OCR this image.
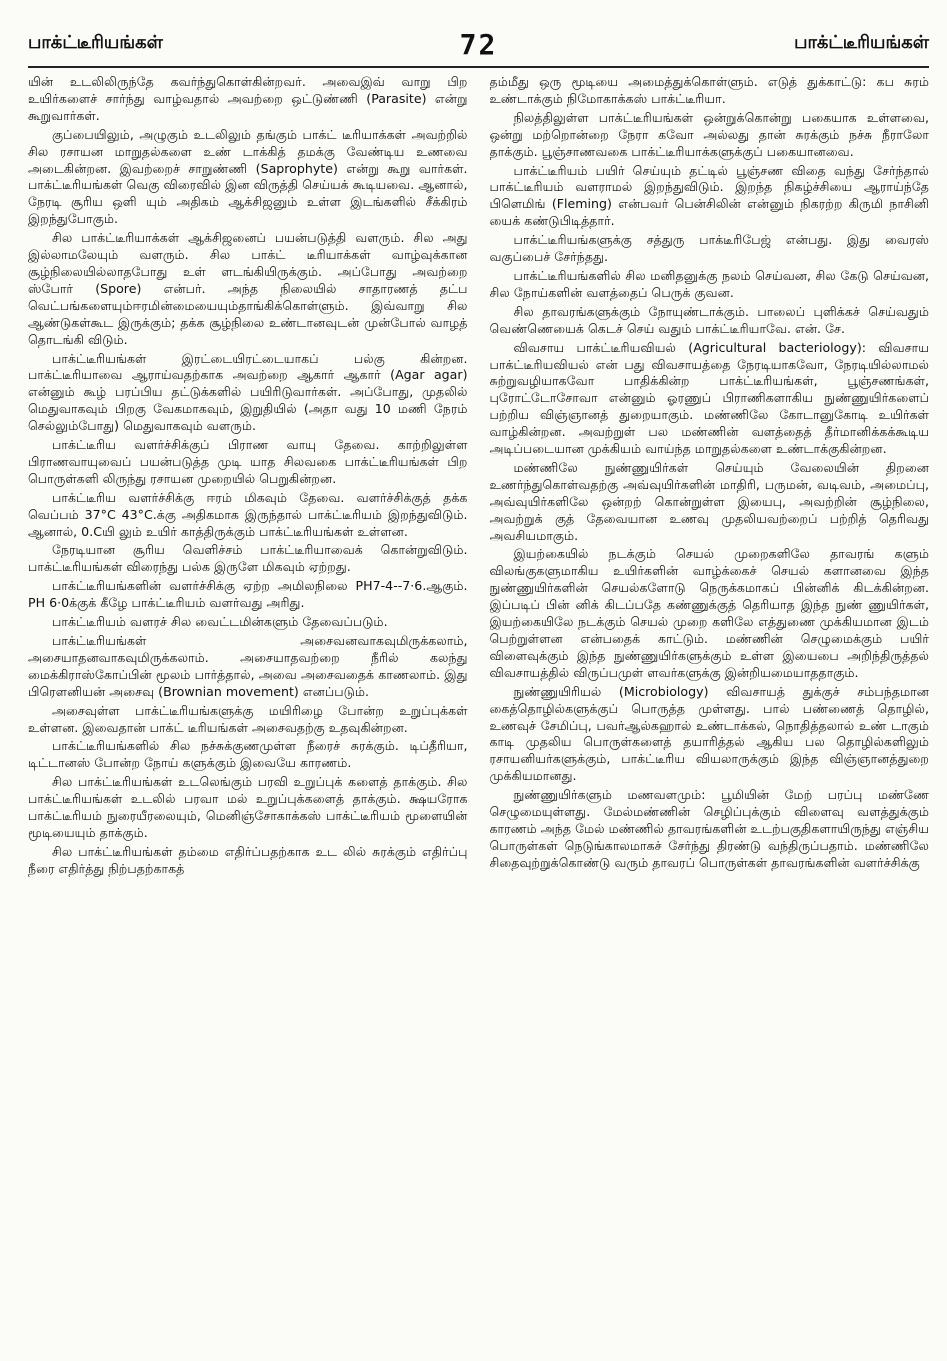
பாக்ட்டீரியங்கள்	72	பாக்ட்டீரியங்கள்

யின் உடலிலிருந்தே கவர்ந்துகொள்கின்றவர். அவைஇவ் வாறு பிற உயிர்களைச் சார்ந்து வாழ்வதால் அவற்றை ஒட்டுண்ணி (Parasite) என்று கூறுவார்கள்.

குப்பையிலும், அழுகும் உடலிலும் தங்கும் பாக்ட் டீரியாக்கள் அவற்றில் சில ரசாயன மாறுதல்களை உண் டாக்கித் தமக்கு வேண்டிய உணவை அடைகின்றன. இவற்றைச் சாறுண்ணி (Saprophyte) என்று கூறு வார்கள். பாக்ட்டீரியங்கள் வெகு விரைவில் இன விருத்தி செய்யக் கூடியவை. ஆனால், நேரடி சூரிய ஒளி யும் அதிகம் ஆக்சிஜனும் உள்ள இடங்களில் சீக்கிரம் இறந்துபோகும்.

சில பாக்ட்டீரியாக்கள் ஆக்சிஜனைப் பயன்படுத்தி வளரும். சில அது இல்லாமலேயும் வளரும். சில பாக்ட் டீரியாக்கள் வாழ்வுக்கான சூழ்நிலையில்லாதபோது உள் ளடங்கியிருக்கும். அப்போது அவற்றை ஸ்போர் (Spore) என்பர். அந்த நிலையில் சாதாரணத் தட்ப வெட்பங்களையும்ஈரமின்மையையும்தாங்கிக்கொள்ளும். இவ்வாறு சில ஆண்டுகள்கூட இருக்கும்; தக்க சூழ்நிலை உண்டானவுடன் முன்போல் வாழத் தொடங்கி விடும்.

பாக்ட்டீரியங்கள் இரட்டையிரட்டையாகப் பல்கு கின்றன. பாக்ட்டீரியாவை ஆராய்வதற்காக அவற்றை ஆகார் ஆகார் (Agar agar) என்னும் கூழ் பரப்பிய தட்டுக்களில் பயிரிடுவார்கள். அப்போது, முதலில் மெதுவாகவும் பிறகு வேகமாகவும், இறுதியில் (அதா வது 10 மணி நேரம் செல்லும்போது) மெதுவாகவும் வளரும்.

பாக்ட்டீரிய வளர்ச்சிக்குப் பிராண வாயு தேவை. காற்றிலுள்ள பிராணவாயுவைப் பயன்படுத்த முடி யாத சிலவகை பாக்ட்டீரியங்கள் பிற பொருள்களி லிருந்து ரசாயன முறையில் பெறுகின்றன.

பாக்ட்டீரிய வளர்ச்சிக்கு ஈரம் மிகவும் தேவை. வளர்ச்சிக்குத் தக்க வெப்பம் 37°C 43°C.க்கு அதிகமாக இருந்தால் பாக்ட்டீரியம் இறந்துவிடும். ஆனால், 0.Cயி லும் உயிர் காத்திருக்கும் பாக்ட்டீரியங்கள் உள்ளன.

நேரடியான சூரிய வெளிச்சம் பாக்ட்டீரியாவைக் கொன்றுவிடும். பாக்ட்டீரியங்கள் விரைந்து பல்க இருளே மிகவும் ஏற்றது.

பாக்ட்டீரியங்களின் வளர்ச்சிக்கு ஏற்ற அமிலநிலை PH7-4--7·6.ஆகும். PH 6·0க்குக் கீழே பாக்ட்டீரியம் வளர்வது அரிது.

பாக்ட்டீரியம் வளரச் சில வைட்டமின்களும் தேவைப்படும்.

பாக்ட்டீரியங்கள் அசைவனவாகவுமிருக்கலாம், அசையாதனவாகவுமிருக்கலாம். அசையாதவற்றை நீரில் கலந்து மைக்கிராஸ்கோப்பின் மூலம் பார்த்தால், அவை அசைவதைக் காணலாம். இது பிரௌனியன் அசைவு (Brownian movement) எனப்படும்.

அசைவுள்ள பாக்ட்டீரியங்களுக்கு மயிரிழை போன்ற உறுப்புக்கள் உள்ளன. இவைதான் பாக்ட் டீரியங்கள் அசைவதற்கு உதவுகின்றன.

பாக்ட்டீரியங்களில் சில நச்சுக்குணமுள்ள நீரைச் சுரக்கும். டிப்தீரியா, டிட்டானஸ் போன்ற நோய் களுக்கும் இவையே காரணம்.

சில பாக்ட்டீரியங்கள் உடலெங்கும் பரவி உறுப்புக் களைத் தாக்கும். சில பாக்ட்டீரியங்கள் உடலில் பரவா மல் உறுப்புக்களைத் தாக்கும். க்ஷயரோக பாக்ட்டீரியம் நுரையீரலையும், மெனிஞ்சோகாக்கஸ் பாக்ட்டீரியம் மூளையின் மூடியையும் தாக்கும்.

சில பாக்ட்டீரியங்கள் தம்மை எதிர்ப்பதற்காக உட லில் சுரக்கும் எதிர்ப்பு நீரை எதிர்த்து நிற்பதற்காகத்

தம்மீது ஒரு மூடியை அமைத்துக்கொள்ளும். எடுத் துக்காட்டு: கப சுரம் உண்டாக்கும் நிமோகாக்கஸ் பாக்ட்டீரியா.

நிலத்திலுள்ள பாக்ட்டீரியங்கள் ஒன்றுக்கொன்று பகையாக உள்ளவை, ஒன்று மற்றொன்றை நேரா கவோ அல்லது தான் சுரக்கும் நச்சு நீராலோ தாக்கும். பூஞ்சாணவகை பாக்ட்டீரியாக்களுக்குப் பகையானவை.

பாக்ட்டீரியம் பயிர் செய்யும் தட்டில் பூஞ்சண விதை வந்து சேர்ந்தால் பாக்ட்டீரியம் வளராமல் இறந்துவிடும். இறந்த நிகழ்ச்சியை ஆராய்ந்தே பிளெமிங் (Fleming) என்பவர் பென்சிலின் என்னும் நிகரற்ற கிருமி நாசினி யைக் கண்டுபிடித்தார்.

பாக்ட்டீரியங்களுக்கு சத்துரு பாக்டீரிபேஜ் என்பது. இது வைரஸ் வகுப்பைச் சேர்ந்தது.

பாக்ட்டீரியங்களில் சில மனிதனுக்கு நலம் செய்வன, சில கேடு செய்வன, சில நோய்களின் வளத்தைப் பெருக் குவன.

சில தாவரங்களுக்கும் நோயுண்டாக்கும். பாலைப் புளிக்கச் செய்வதும் வெண்ணெயைக் கெடச் செய் வதும் பாக்ட்டீரியாவே. என். சே.

விவசாய பாக்ட்டீரியவியல் (Agricultural bacteriology): விவசாய பாக்ட்டீரியவியல் என் பது விவசாயத்தை நேரடியாகவோ, நேரடியில்லாமல் சுற்றுவழியாகவோ பாதிக்கின்ற பாக்ட்டீரியங்கள், பூஞ்சணங்கள், புரோட்டோசோவா என்னும் ஓரணுப் பிராணிகளாகிய நுண்ணுயிர்களைப் பற்றிய விஞ்ஞானத் துறையாகும். மண்ணிலே கோடானுகோடி உயிர்கள் வாழ்கின்றன. அவற்றுள் பல மண்ணின் வளத்தைத் தீர்மானிக்கக்கூடிய அடிப்படையான முக்கியம் வாய்ந்த மாறுதல்களை உண்டாக்குகின்றன.

மண்ணிலே நுண்ணுயிர்கள் செய்யும் வேலையின் திறனை உணர்ந்துகொள்வதற்கு அவ்வுயிர்களின் மாதிரி, பருமன், வடிவம், அமைப்பு, அவ்வுயிர்களிலே ஒன்றற் கொன்றுள்ள இயைபு, அவற்றின் சூழ்நிலை, அவற்றுக் குத் தேவையான உணவு முதலியவற்றைப் பற்றித் தெரிவது அவசியமாகும்.

இயற்கையில் நடக்கும் செயல் முறைகளிலே தாவரங் களும் விலங்குகளுமாகிய உயிர்களின் வாழ்க்கைச் செயல் களானவை இந்த நுண்ணுயிர்களின் செயல்களோடு நெருக்கமாகப் பின்னிக் கிடக்கின்றன. இப்படிப் பின் னிக் கிடப்பதே கண்ணுக்குத் தெரியாத இந்த நுண் ணுயிர்கள், இயற்கையிலே நடக்கும் செயல் முறை களிலே எத்துணை முக்கியமான இடம் பெற்றுள்ளன என்பதைக் காட்டும். மண்ணின் செழுமைக்கும் பயிர் விளைவுக்கும் இந்த நுண்ணுயிர்களுக்கும் உள்ள இயைபை அறிந்திருத்தல் விவசாயத்தில் விருப்பமுள் ளவர்களுக்கு இன்றியமையாததாகும்.

நுண்ணுயிரியல் (Microbiology) விவசாயத் துக்குச் சம்பந்தமான கைத்தொழில்களுக்குப் பொருத்த முள்ளது. பால் பண்ணைத் தொழில், உணவுச் சேமிப்பு, பவர்ஆல்கஹால் உண்டாக்கல், நொதித்தலால் உண் டாகும் காடி முதலிய பொருள்களைத் தயாரித்தல் ஆகிய பல தொழில்களிலும் ரசாயனியர்களுக்கும், பாக்ட்டீரிய வியலாருக்கும் இந்த விஞ்ஞானத்துறை முக்கியமானது.

நுண்ணுயிர்களும் மணவளமும்: பூமியின் மேற் பரப்பு மண்ணே செழுமையுள்ளது. மேல்மண்ணின் செழிப்புக்கும் விளைவு வளத்துக்கும் காரணம் அந்த மேல் மண்ணில் தாவரங்களின் உடற்பகுதிகளாயிருந்து எஞ்சிய பொருள்கள் நெடுங்காலமாகச் சேர்ந்து திரண்டு வந்திருப்பதாம். மண்ணிலே சிதைவுற்றுக்கொண்டு வரும் தாவரப் பொருள்கள் தாவரங்களின் வளர்ச்சிக்கு
